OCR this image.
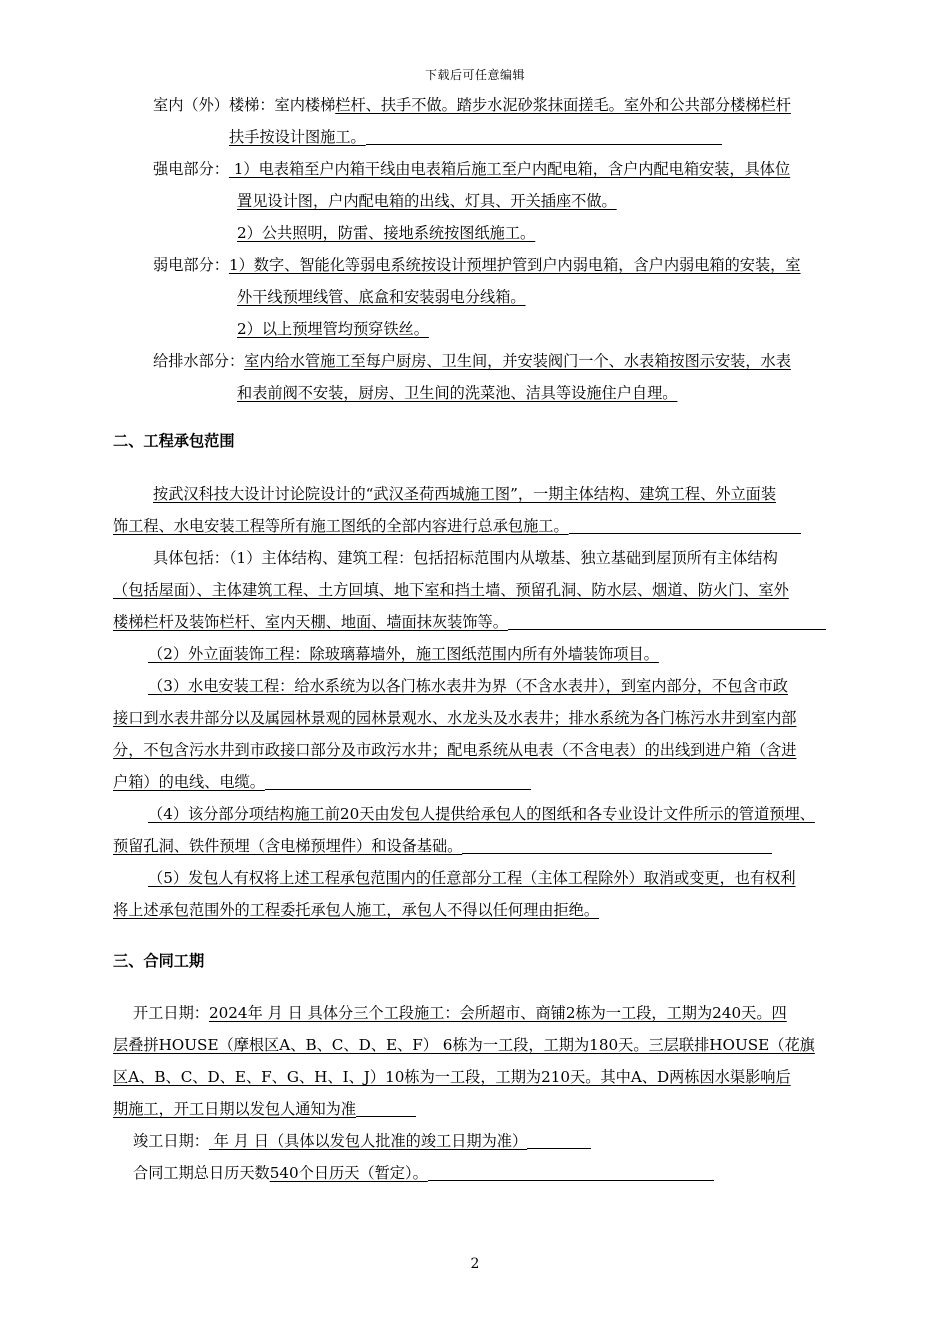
下载后可任意编辑
室内（外）楼梯：室内楼梯栏杆、扶手不做。踏步水泥砂浆抹面搓毛。室外和公共部分楼梯栏杆
扶手按设计图施工。
强电部分： 1）电表箱至户内箱干线由电表箱后施工至户内配电箱，含户内配电箱安装，具体位
置见设计图，户内配电箱的出线、灯具、开关插座不做。
2）公共照明，防雷、接地系统按图纸施工。
弱电部分：1）数字、智能化等弱电系统按设计预埋护管到户内弱电箱，含户内弱电箱的安装，室
外干线预埋线管、底盒和安装弱电分线箱。
2）以上预埋管均预穿铁丝。
给排水部分：室内给水管施工至每户厨房、卫生间，并安装阀门一个、水表箱按图示安装，水表
和表前阀不安装，厨房、卫生间的洗菜池、洁具等设施住户自理。
二、工程承包范围
按武汉科技大设计讨论院设计的“武汉圣荷西城施工图”，一期主体结构、建筑工程、外立面装
饰工程、水电安装工程等所有施工图纸的全部内容进行总承包施工。
具体包括：（1）主体结构、建筑工程：包括招标范围内从墩基、独立基础到屋顶所有主体结构
（包括屋面）、主体建筑工程、土方回填、地下室和挡土墙、预留孔洞、防水层、烟道、防火门、室外
楼梯栏杆及装饰栏杆、室内天棚、地面、墙面抹灰装饰等。
（2）外立面装饰工程：除玻璃幕墙外，施工图纸范围内所有外墙装饰项目。
（3）水电安装工程：给水系统为以各门栋水表井为界（不含水表井），到室内部分，不包含市政
接口到水表井部分以及属园林景观的园林景观水、水龙头及水表井；排水系统为各门栋污水井到室内部
分，不包含污水井到市政接口部分及市政污水井；配电系统从电表（不含电表）的出线到进户箱（含进
户箱）的电线、电缆。
（4）该分部分项结构施工前20天由发包人提供给承包人的图纸和各专业设计文件所示的管道预埋、
预留孔洞、铁件预埋（含电梯预埋件）和设备基础。
（5）发包人有权将上述工程承包范围内的任意部分工程（主体工程除外）取消或变更，也有权利
将上述承包范围外的工程委托承包人施工，承包人不得以任何理由拒绝。
三、合同工期
开工日期：2024年 月 日 具体分三个工段施工：会所超市、商铺2栋为一工段，工期为240天。四
层叠拼HOUSE（摩根区A、B、C、D、E、F） 6栋为一工段，工期为180天。三层联排HOUSE（花旗
区A、B、C、D、E、F、G、H、I、J）10栋为一工段，工期为210天。其中A、D两栋因水渠影响后
期施工，开工日期以发包人通知为准
竣工日期： 年 月 日（具体以发包人批准的竣工日期为准）
合同工期总日历天数540个日历天（暂定）。
2
